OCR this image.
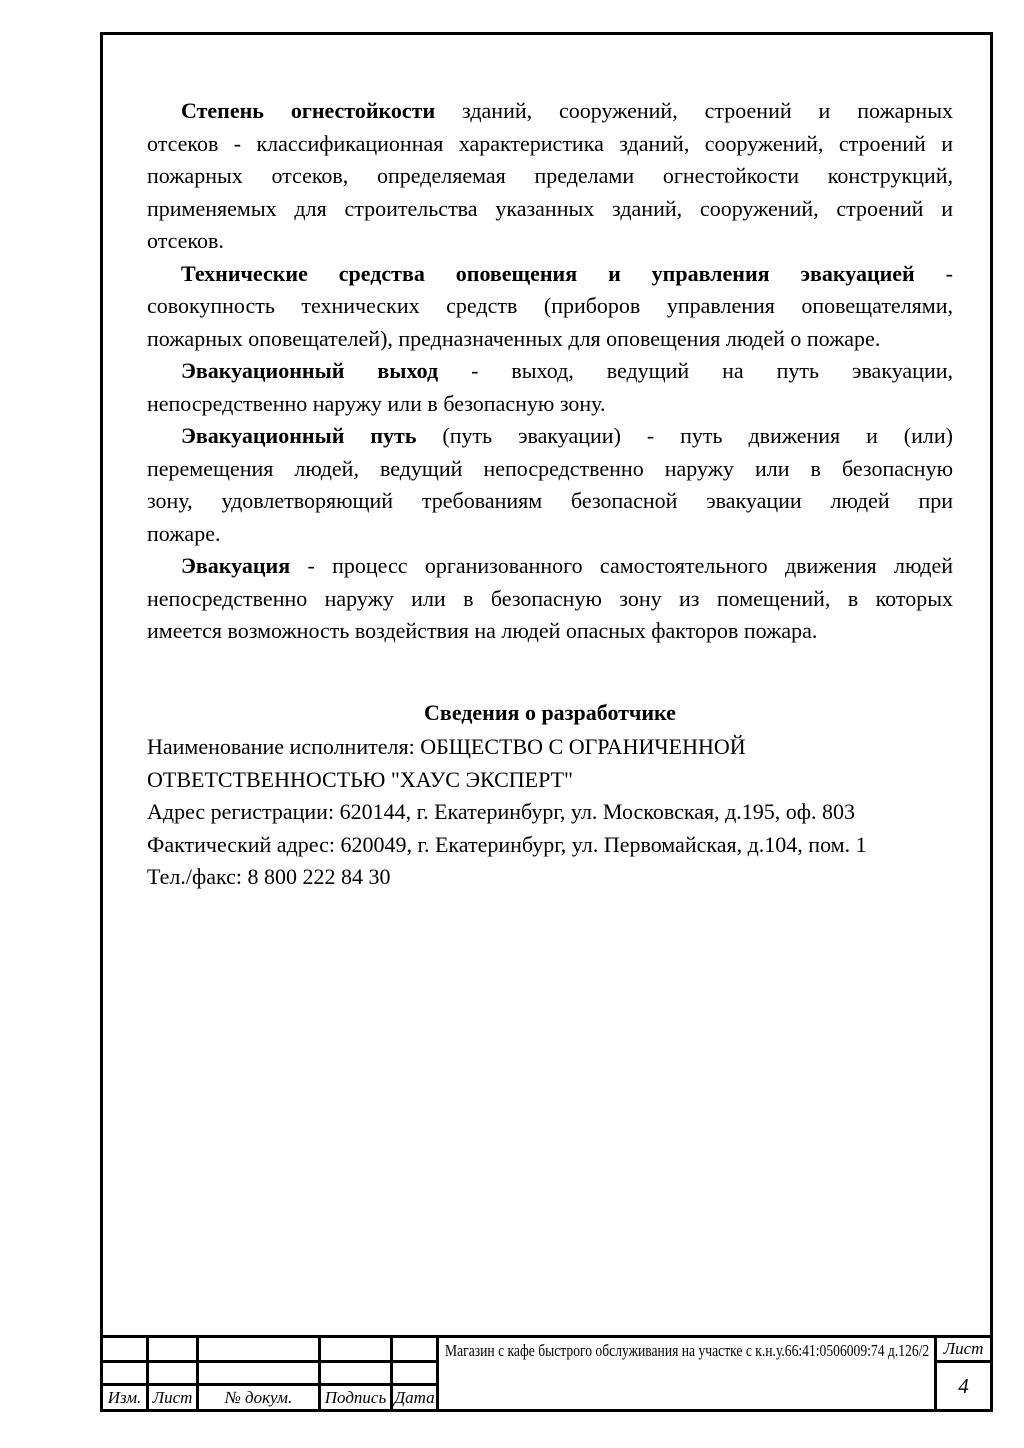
Степень огнестойкости зданий, сооружений, строений и пожарных
отсеков - классификационная характеристика зданий, сооружений, строений и
пожарных отсеков, определяемая пределами огнестойкости конструкций,
применяемых для строительства указанных зданий, сооружений, строений и
отсеков.
Технические средства оповещения и управления эвакуацией -
совокупность технических средств (приборов управления оповещателями,
пожарных оповещателей), предназначенных для оповещения людей о пожаре.
Эвакуационный выход - выход, ведущий на путь эвакуации,
непосредственно наружу или в безопасную зону.
Эвакуационный путь (путь эвакуации) - путь движения и (или)
перемещения людей, ведущий непосредственно наружу или в безопасную
зону, удовлетворяющий требованиям безопасной эвакуации людей при
пожаре.
Эвакуация - процесс организованного самостоятельного движения людей
непосредственно наружу или в безопасную зону из помещений, в которых
имеется возможность воздействия на людей опасных факторов пожара.
Сведения о разработчике
Наименование исполнителя: ОБЩЕСТВО С ОГРАНИЧЕННОЙ
ОТВЕТСТВЕННОСТЬЮ "ХАУС ЭКСПЕРТ"
Адрес регистрации: 620144, г. Екатеринбург, ул. Московская, д.195, оф. 803
Фактический адрес: 620049, г. Екатеринбург, ул. Первомайская, д.104, пом. 1
Тел./факс: 8 800 222 84 30
Изм. Лист	№ докум.	Подпись Дата
Магазин с кафе быстрого обслуживания на участке с к.н.у.66:41:0506009:74 д.126/2 Лист
4
